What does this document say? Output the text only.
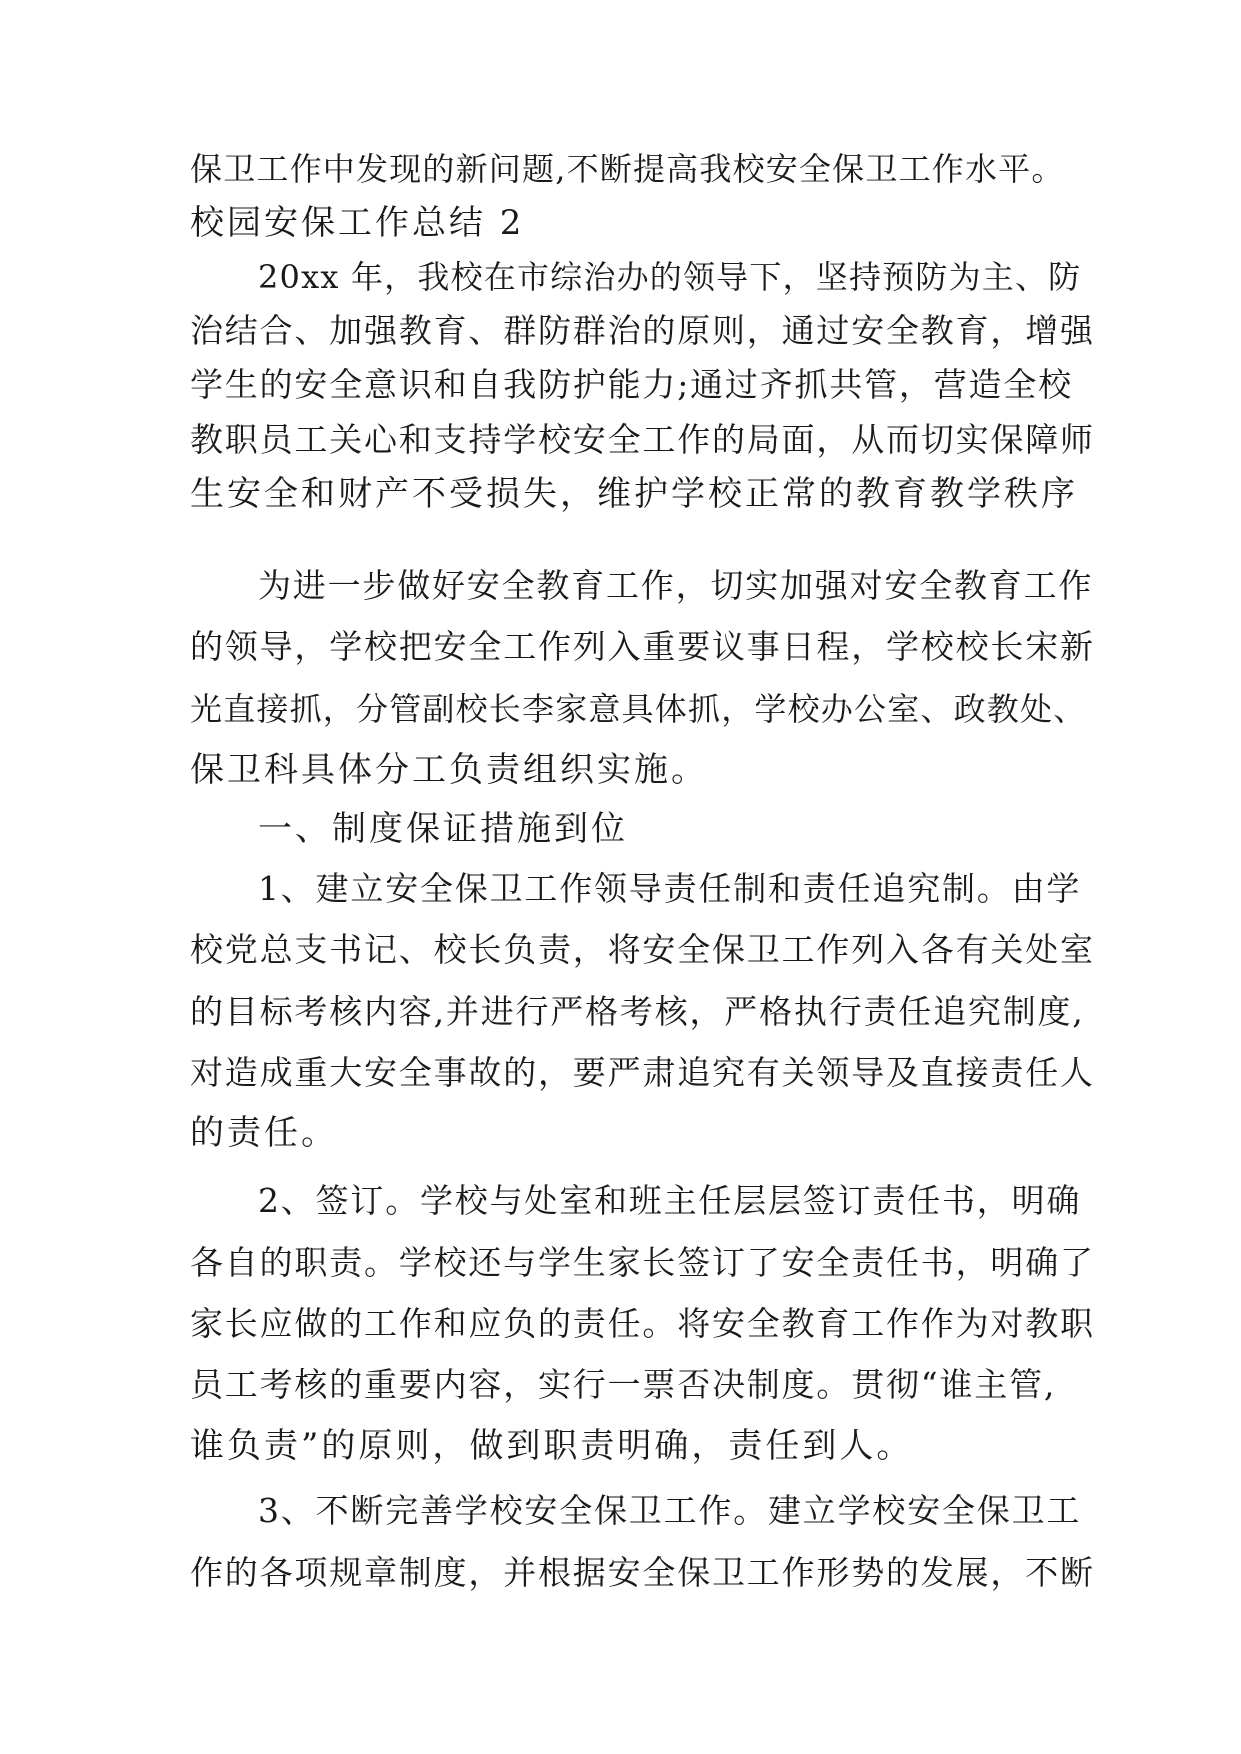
保卫工作中发现的新问题,不断提高我校安全保卫工作水平。
校园安保工作总结 2
20xx 年，我校在市综治办的领导下，坚持预防为主、防
治结合、加强教育、群防群治的原则，通过安全教育，增强
学生的安全意识和自我防护能力;通过齐抓共管，营造全校
教职员工关心和支持学校安全工作的局面，从而切实保障师
生安全和财产不受损失，维护学校正常的教育教学秩序
为进一步做好安全教育工作，切实加强对安全教育工作
的领导，学校把安全工作列入重要议事日程，学校校长宋新
光直接抓，分管副校长李家意具体抓，学校办公室、政教处、
保卫科具体分工负责组织实施。
一、制度保证措施到位
1、建立安全保卫工作领导责任制和责任追究制。由学
校党总支书记、校长负责，将安全保卫工作列入各有关处室
的目标考核内容,并进行严格考核，严格执行责任追究制度,
对造成重大安全事故的，要严肃追究有关领导及直接责任人
的责任。
2、签订。学校与处室和班主任层层签订责任书，明确
各自的职责。学校还与学生家长签订了安全责任书，明确了
家长应做的工作和应负的责任。将安全教育工作作为对教职
员工考核的重要内容，实行一票否决制度。贯彻“谁主管,
谁负责”的原则，做到职责明确，责任到人。
3、不断完善学校安全保卫工作。建立学校安全保卫工
作的各项规章制度，并根据安全保卫工作形势的发展，不断
